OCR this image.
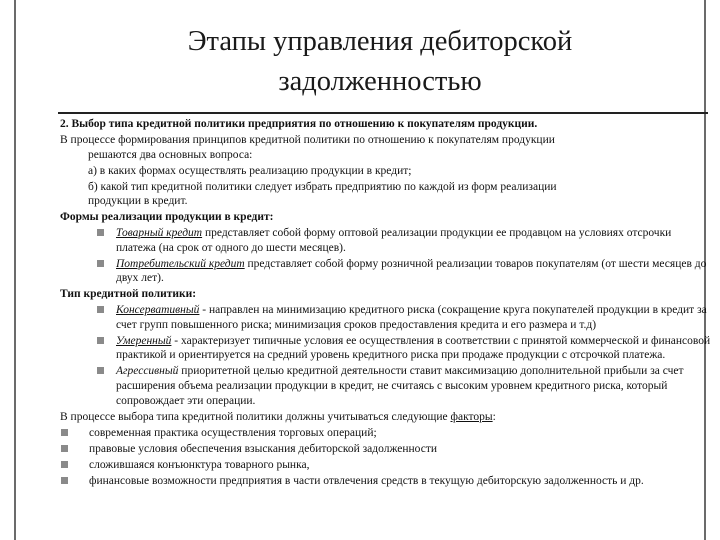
Этапы управления дебиторской
задолженностью

2. Выбор типа кредитной политики предприятия по отношению к покупателям продукции.

В процессе формирования принципов кредитной политики по отношению к покупателям продукции
решаются два основных вопроса:

а) в каких формах осуществлять реализацию продукции в кредит;

б) какой тип кредитной политики следует избрать предприятию по каждой из форм реализации
продукции в кредит.

Формы реализации продукции в кредит:

Товарный кредит представляет собой форму оптовой реализации продукции ее продавцом на условиях отсрочки платежа (на срок от одного до шести месяцев).
Потребительский кредит представляет собой форму розничной реализации товаров покупателям (от шести месяцев до двух лет).

Тип кредитной политики:

Консервативный - направлен на минимизацию кредитного риска (сокращение круга покупателей продукции в кредит за счет групп повышенного риска; минимизация сроков предоставления кредита и его размера и т.д)
Умеренный - характеризует типичные условия ее осуществления в соответствии с принятой коммерческой и финансовой практикой и ориентируется на средний уровень кредитного риска при продаже продукции с отсрочкой платежа.
Агрессивный приоритетной целью кредитной деятельности ставит максимизацию дополнительной прибыли за счет расширения объема реализации продукции в кредит, не считаясь с высоким уровнем кредитного риска, который сопровождает эти операции.

В процессе выбора типа кредитной политики должны учитываться следующие факторы:

современная практика осуществления торговых операций;
правовые условия обеспечения взыскания дебиторской задолженности
сложившаяся конъюнктура товарного рынка,
финансовые возможности предприятия в части отвлечения средств в текущую дебиторскую задолженность и др.
